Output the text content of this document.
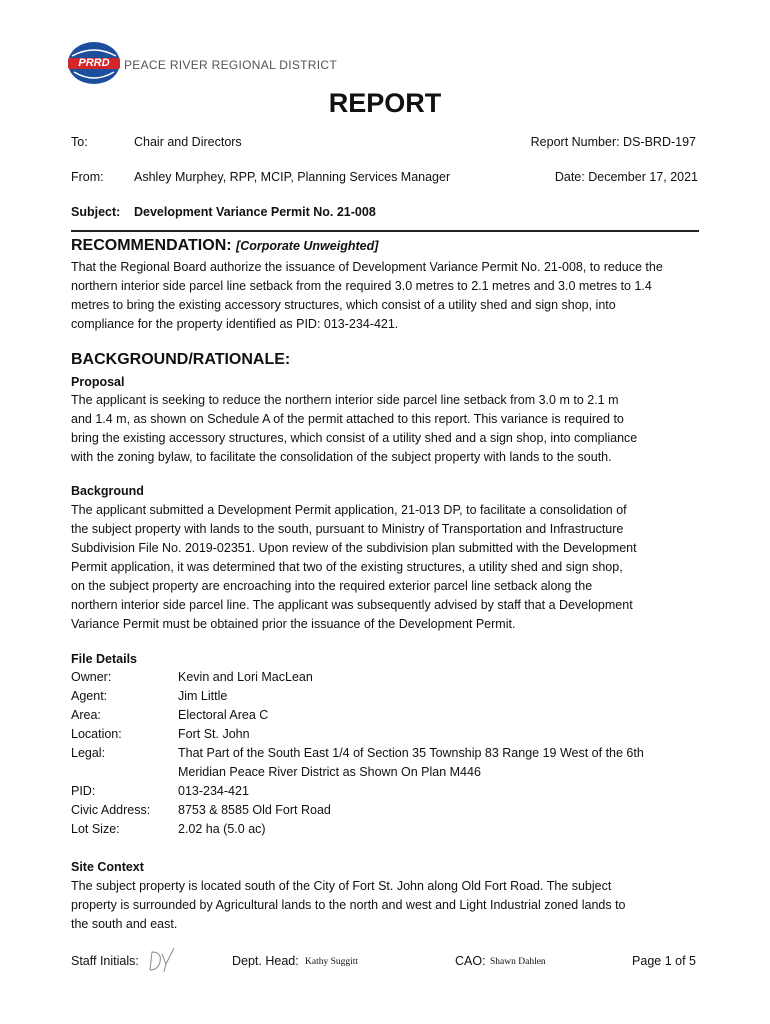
PRRD	PEACE RIVER REGIONAL DISTRICT
REPORT
To:	Chair and Directors	Report Number: DS-BRD-197
From: Ashley Murphey, RPP, MCIP, Planning Services Manager	Date: December 17, 2021
Subject: Development Variance Permit No. 21-008
RECOMMENDATION: [Corporate Unweighted]
That the Regional Board authorize the issuance of Development Variance Permit No. 21-008, to reduce the
northern interior side parcel line setback from the required 3.0 metres to 2.1 metres and 3.0 metres to 1.4
metres to bring the existing accessory structures, which consist of a utility shed and sign shop, into
compliance for the property identified as PID: 013-234-421.
BACKGROUND/RATIONALE:
Proposal
The applicant is seeking to reduce the northern interior side parcel line setback from 3.0 m to 2.1 m
and 1.4 m, as shown on Schedule A of the permit attached to this report. This variance is required to
bring the existing accessory structures, which consist of a utility shed and a sign shop, into compliance
with the zoning bylaw, to facilitate the consolidation of the subject property with lands to the south.
Background
The applicant submitted a Development Permit application, 21-013 DP, to facilitate a consolidation of
the subject property with lands to the south, pursuant to Ministry of Transportation and Infrastructure
Subdivision File No. 2019-02351. Upon review of the subdivision plan submitted with the Development
Permit application, it was determined that two of the existing structures, a utility shed and sign shop,
on the subject property are encroaching into the required exterior parcel line setback along the
northern interior side parcel line. The applicant was subsequently advised by staff that a Development
Variance Permit must be obtained prior the issuance of the Development Permit.
File Details
Owner:	Kevin and Lori MacLean
Agent:	Jim Little
Area:	Electoral Area C
Location:	Fort St. John
Legal:	That Part of the South East 1/4 of Section 35 Township 83 Range 19 West of the 6th
Meridian Peace River District as Shown On Plan M446
PID:	013-234-421
Civic Address: 8753 & 8585 Old Fort Road
Lot Size:	2.02 ha (5.0 ac)
Site Context
The subject property is located south of the City of Fort St. John along Old Fort Road. The subject
property is surrounded by Agricultural lands to the north and west and Light Industrial zoned lands to
the south and east.
Staff Initials:	Dept. Head: Kathy Suggitt	CAO: Shawn Dahlen	Page 1 of 5
